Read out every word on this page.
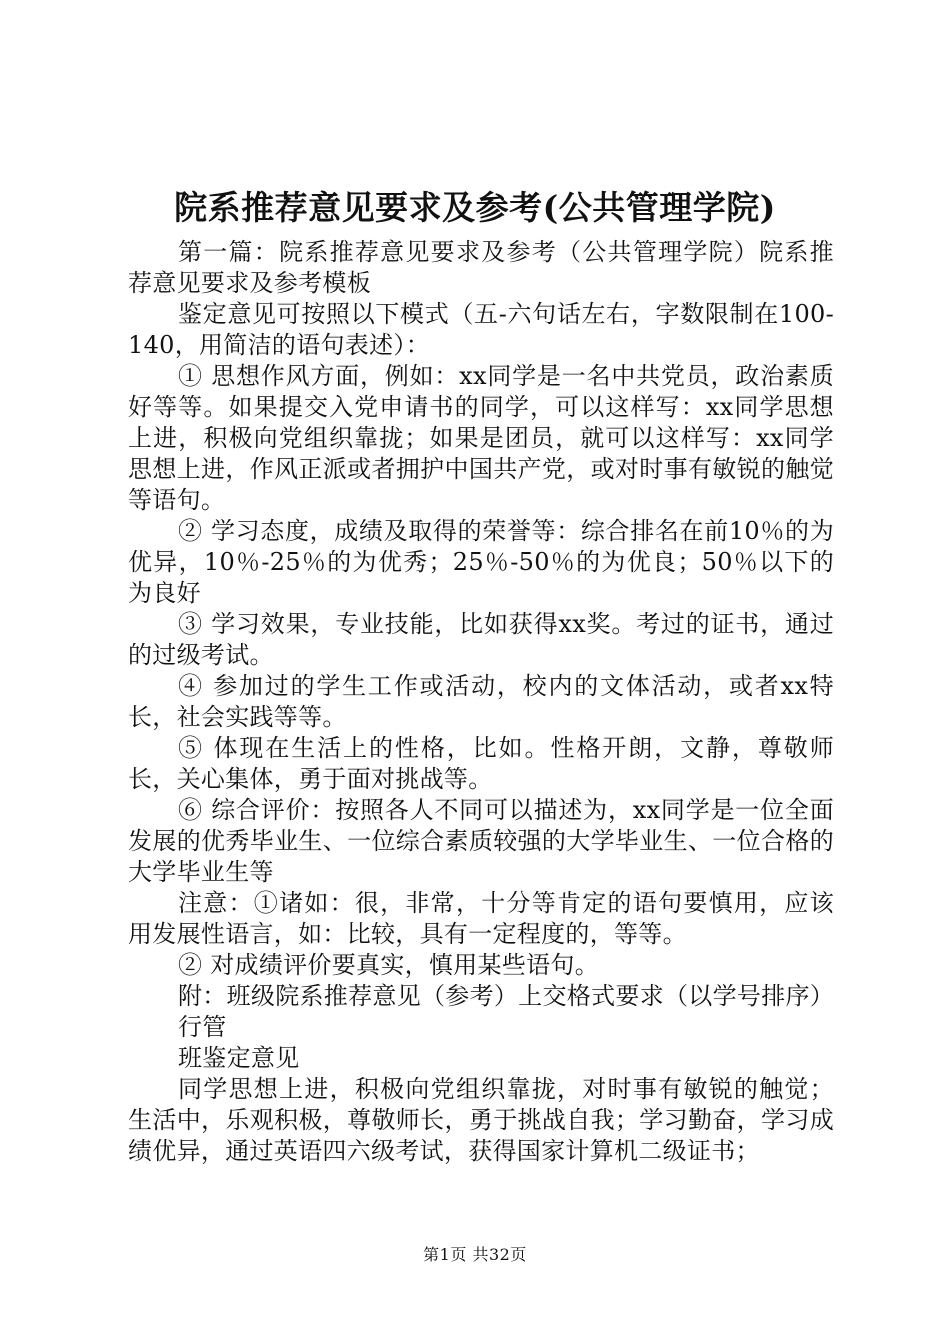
院系推荐意见要求及参考(公共管理学院)

第一篇：院系推荐意见要求及参考（公共管理学院）院系推荐意见要求及参考模板

鉴定意见可按照以下模式（五-六句话左右，字数限制在100-140，用简洁的语句表述）：

① 思想作风方面，例如：xx同学是一名中共党员，政治素质好等等。如果提交入党申请书的同学，可以这样写：xx同学思想上进，积极向党组织靠拢；如果是团员，就可以这样写：xx同学思想上进，作风正派或者拥护中国共产党，或对时事有敏锐的触觉等语句。

② 学习态度，成绩及取得的荣誉等：综合排名在前10％的为优异，10％-25％的为优秀；25％-50％的为优良；50％以下的为良好

③ 学习效果，专业技能，比如获得xx奖。考过的证书，通过的过级考试。

④ 参加过的学生工作或活动，校内的文体活动，或者xx特长，社会实践等等。

⑤ 体现在生活上的性格，比如。性格开朗，文静，尊敬师长，关心集体，勇于面对挑战等。

⑥ 综合评价：按照各人不同可以描述为，xx同学是一位全面发展的优秀毕业生、一位综合素质较强的大学毕业生、一位合格的大学毕业生等

注意：①诸如：很，非常，十分等肯定的语句要慎用，应该用发展性语言，如：比较，具有一定程度的，等等。

② 对成绩评价要真实，慎用某些语句。

附：班级院系推荐意见（参考）上交格式要求（以学号排序）

行管

班鉴定意见

同学思想上进，积极向党组织靠拢，对时事有敏锐的触觉；生活中，乐观积极，尊敬师长，勇于挑战自我；学习勤奋，学习成绩优异，通过英语四六级考试，获得国家计算机二级证书；

第1页 共32页
